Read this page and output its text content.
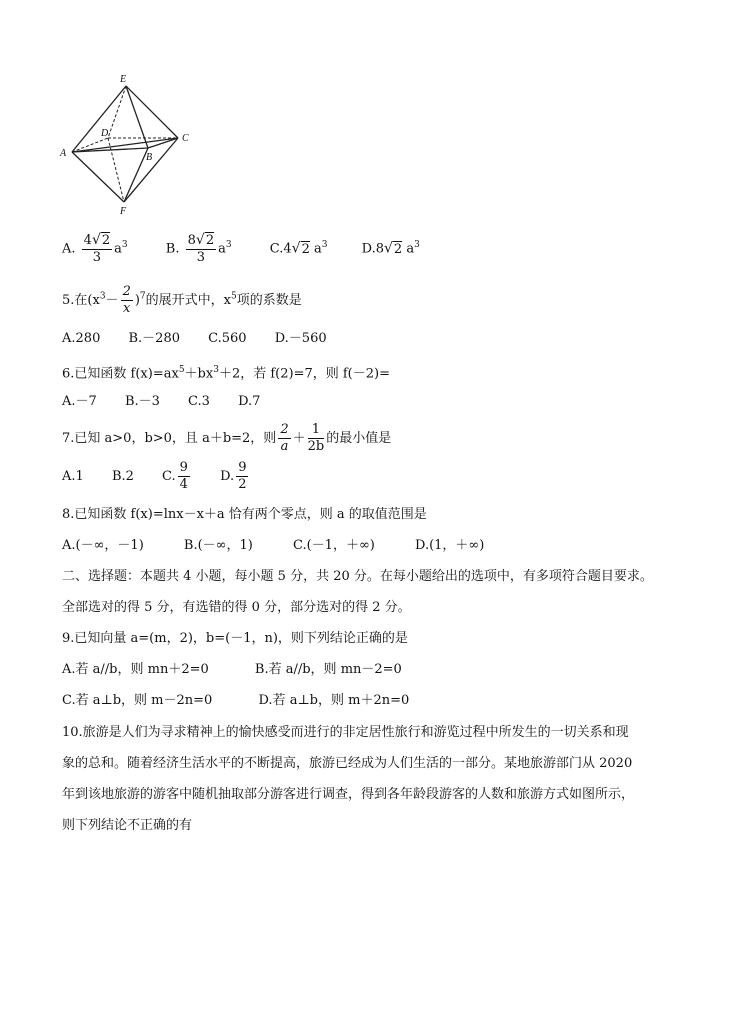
E
A
D
B
C
F
A. $\frac{4√2}{3} a^3$	B. $\frac{8√2}{3} a^3$	C.4√2 $a^3$	D.8√2 $a^3$
5.在$(x^3- \frac{2}{x} )^7$的展开式中，$x^5$项的系数是
A.280 B.－280 C.560 D.－560
6.已知函数 $f(x)=ax^5+bx^3+2$，若 f(2)=7，则 f(－2)=
A.－7 B.－3 C.3 D.7
7.已知 a>0，b>0，且 a＋b=2，则 $\frac{2}{a} + \frac{1}{2b}$ 的最小值是
A.1 B.2 C. $\frac{9}{4} D$. $\frac{9}{2}$
8.已知函数 f(x)=lnx－x＋a 恰有两个零点，则 a 的取值范围是
A.(－∞，－1)	B.(－∞，1)	C.(－1，＋∞)	D.(1，＋∞)
二、选择题：本题共 4 小题，每小题 5 分，共 20 分。在每小题给出的选项中，有多项符合题目要求。
全部选对的得 5 分，有选错的得 0 分，部分选对的得 2 分。
9.已知向量 a=(m，2)，b=(－1，n)，则下列结论正确的是
A.若 a//b，则 mn＋2=0	B.若 a//b，则 mn－2=0
C.若 a⊥b，则 m－2n=0	D.若 a⊥b，则 m＋2n=0
10.旅游是人们为寻求精神上的愉快感受而进行的非定居性旅行和游览过程中所发生的一切关系和现
象的总和。随着经济生活水平的不断提高，旅游已经成为人们生活的一部分。某地旅游部门从 2020
年到该地旅游的游客中随机抽取部分游客进行调查，得到各年龄段游客的人数和旅游方式如图所示，
则下列结论不正确的有
